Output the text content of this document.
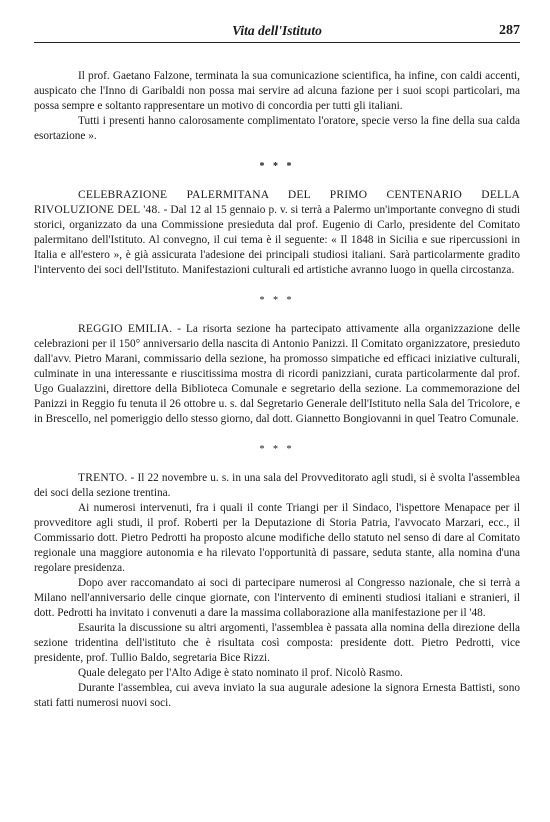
Vita dell'Istituto	287

Il prof. Gaetano Falzone, terminata la sua comunicazione scientifica, ha infine, con caldi accenti, auspicato che l'Inno di Garibaldi non possa mai servire ad alcuna fazione per i suoi scopi particolari, ma possa sempre e soltanto rappresentare un motivo di concordia per tutti gli italiani.

Tutti i presenti hanno calorosamente complimentato l'oratore, specie verso la fine della sua calda esortazione ».

* * *

CELEBRAZIONE PALERMITANA DEL PRIMO CENTENARIO DELLA RIVOLUZIONE DEL '48. - Dal 12 al 15 gennaio p. v. si terrà a Palermo un'importante convegno di studi storici, organizzato da una Commissione presieduta dal prof. Eugenio di Carlo, presidente del Comitato palermitano dell'Istituto. Al convegno, il cui tema è il seguente: « Il 1848 in Sicilia e sue ripercussioni in Italia e all'estero », è già assicurata l'adesione dei principali studiosi italiani. Sarà particolarmente gradito l'intervento dei soci dell'Istituto. Manifestazioni culturali ed artistiche avranno luogo in quella circostanza.

* * *

REGGIO EMILIA. - La risorta sezione ha partecipato attivamente alla organizzazione delle celebrazioni per il 150° anniversario della nascita di Antonio Panizzi. Il Comitato organizzatore, presieduto dall'avv. Pietro Marani, commissario della sezione, ha promosso simpatiche ed efficaci iniziative culturali, culminate in una interessante e riuscitissima mostra di ricordi panizziani, curata particolarmente dal prof. Ugo Gualazzini, direttore della Biblioteca Comunale e segretario della sezione. La commemorazione del Panizzi in Reggio fu tenuta il 26 ottobre u. s. dal Segretario Generale dell'Istituto nella Sala del Tricolore, e in Brescello, nel pomeriggio dello stesso giorno, dal dott. Giannetto Bongiovanni in quel Teatro Comunale.

* * *

TRENTO. - Il 22 novembre u. s. in una sala del Provveditorato agli studi, si è svolta l'assemblea dei soci della sezione trentina.

Ai numerosi intervenuti, fra i quali il conte Triangi per il Sindaco, l'ispettore Menapace per il provveditore agli studi, il prof. Roberti per la Deputazione di Storia Patria, l'avvocato Marzari, ecc., il Commissario dott. Pietro Pedrotti ha proposto alcune modifiche dello statuto nel senso di dare al Comitato regionale una maggiore autonomia e ha rilevato l'opportunità di passare, seduta stante, alla nomina d'una regolare presidenza.

Dopo aver raccomandato ai soci di partecipare numerosi al Congresso nazionale, che si terrà a Milano nell'anniversario delle cinque giornate, con l'intervento di eminenti studiosi italiani e stranieri, il dott. Pedrotti ha invitato i convenuti a dare la massima collaborazione alla manifestazione per il '48.

Esaurita la discussione su altri argomenti, l'assemblea è passata alla nomina della direzione della sezione tridentina dell'istituto che è risultata così composta: presidente dott. Pietro Pedrotti, vice presidente, prof. Tullio Baldo, segretaria Bice Rizzi.

Quale delegato per l'Alto Adige è stato nominato il prof. Nicolò Rasmo.

Durante l'assemblea, cui aveva inviato la sua augurale adesione la signora Ernesta Battisti, sono stati fatti numerosi nuovi soci.
